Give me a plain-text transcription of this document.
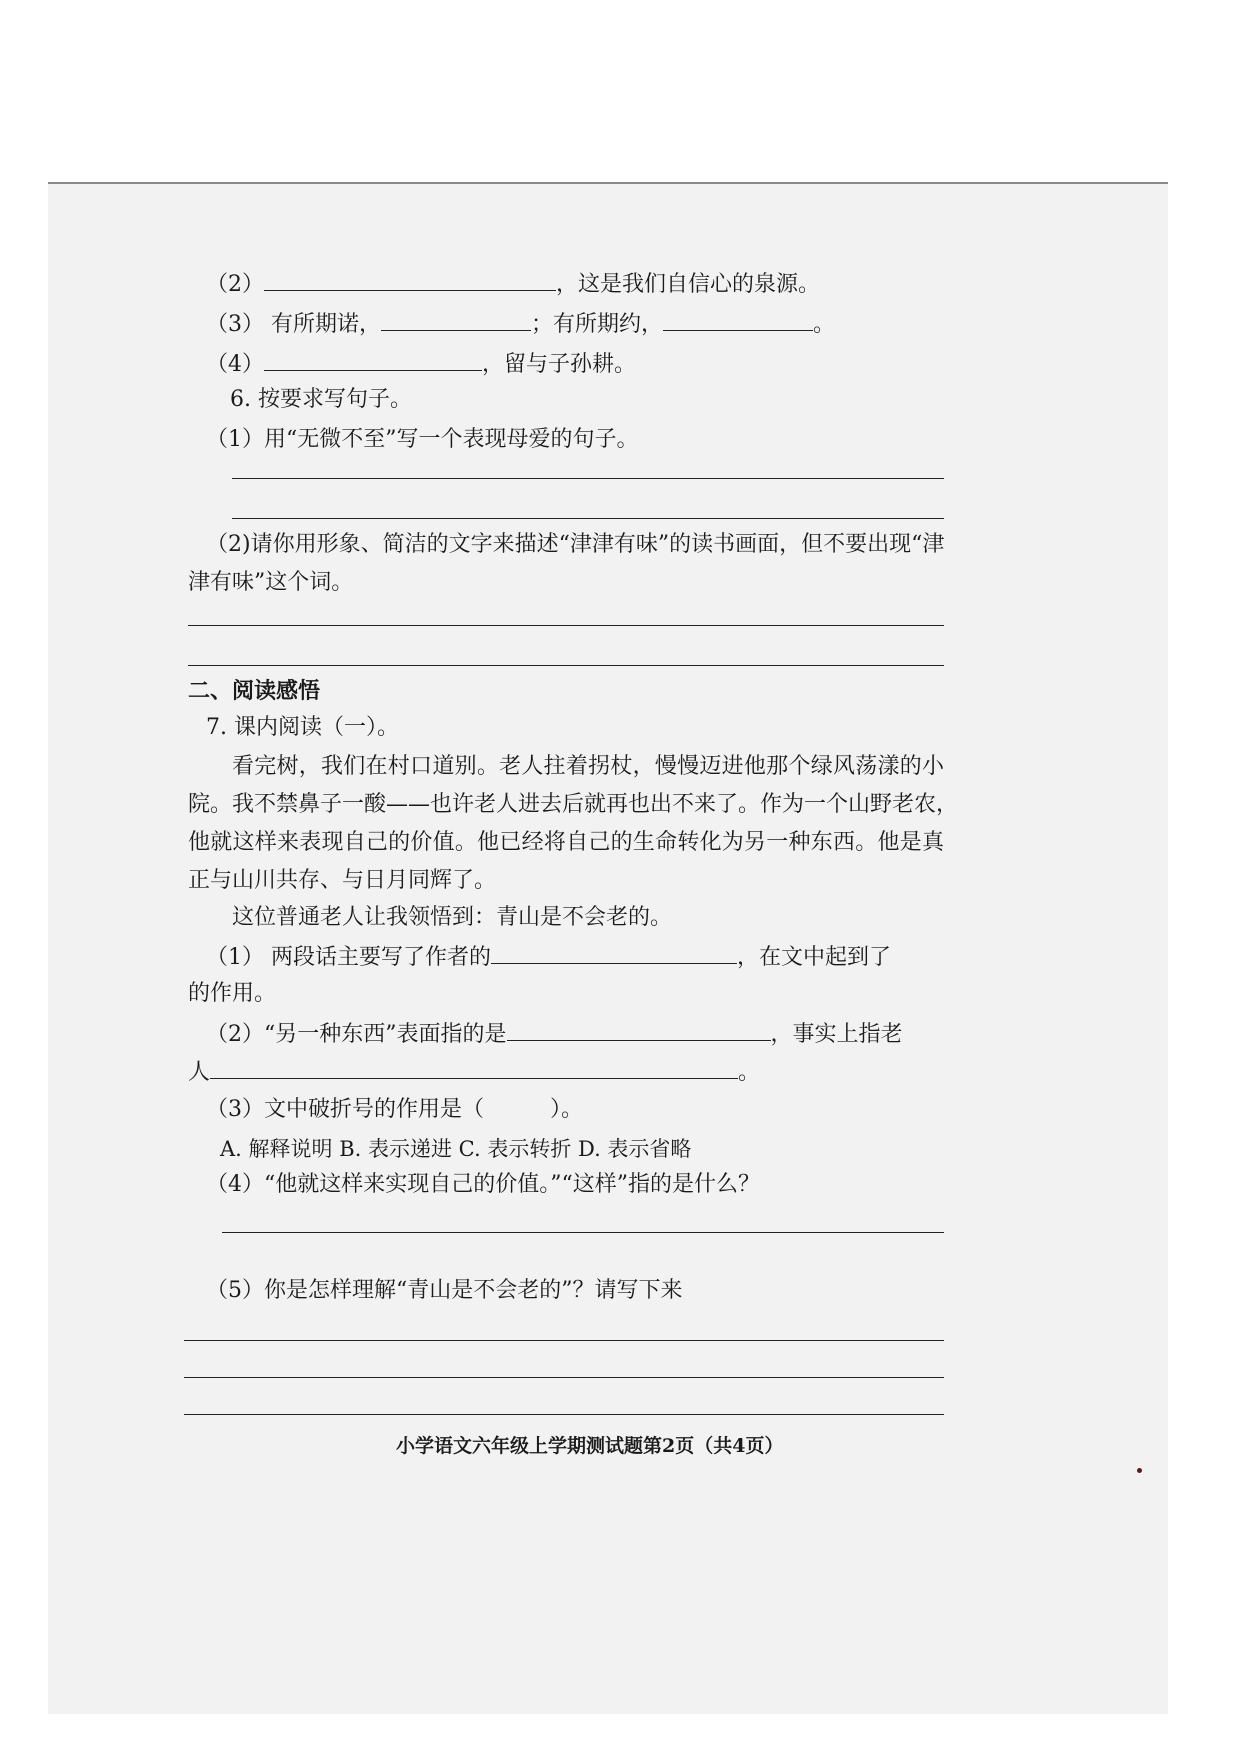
（2）	，这是我们自信心的泉源。
（3） 有所期诺，	；有所期约，	。
（4）	，留与子孙耕。
6. 按要求写句子。
（1）用“无微不至”写一个表现母爱的句子。
（2)请你用形象、简洁的文字来描述“津津有味”的读书画面，但不要出现“津
津有味”这个词。
二、阅读感悟
7. 课内阅读（一）。
看完树，我们在村口道别。老人拄着拐杖，慢慢迈进他那个绿风荡漾的小
院。我不禁鼻子一酸——也许老人进去后就再也出不来了。作为一个山野老农，
他就这样来表现自己的价值。他已经将自己的生命转化为另一种东西。他是真
正与山川共存、与日月同辉了。
这位普通老人让我领悟到：青山是不会老的。
（1） 两段话主要写了作者的	，在文中起到了
的作用。
（2）“另一种东西”表面指的是	，事实上指老
人	。
（3）文中破折号的作用是（　　　）。
A. 解释说明 B. 表示递进 C. 表示转折 D. 表示省略
（4）“他就这样来实现自己的价值。”“这样”指的是什么？
（5）你是怎样理解“青山是不会老的”？请写下来
小学语文六年级上学期测试题第2页（共4页）
